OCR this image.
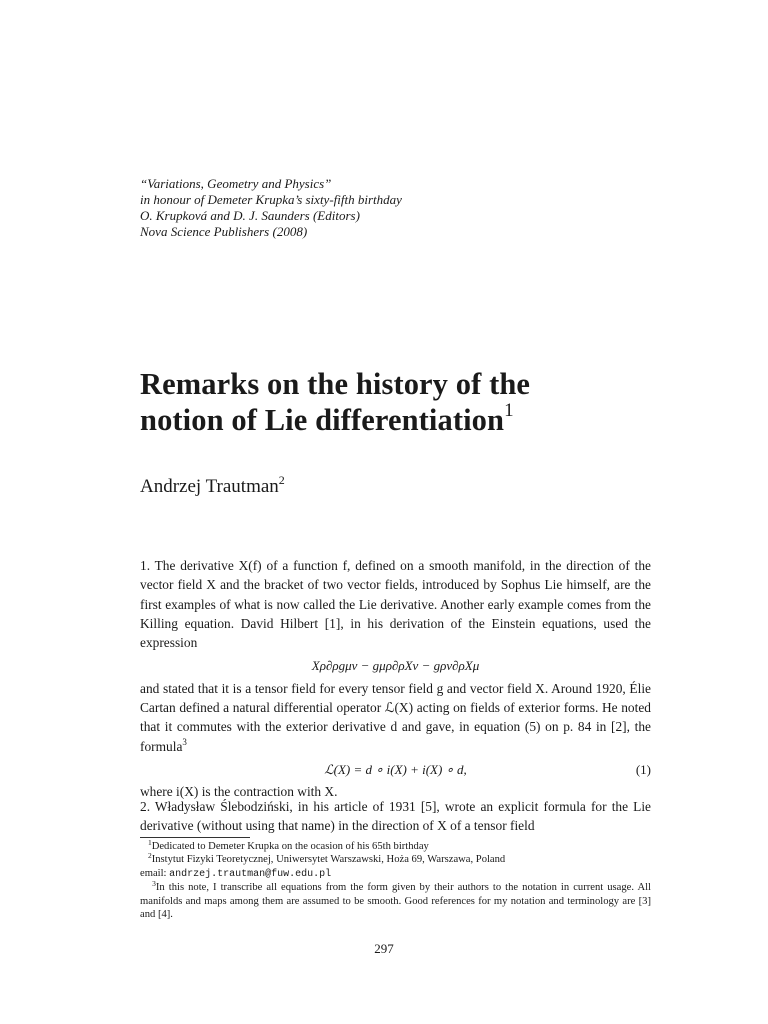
“Variations, Geometry and Physics”
in honour of Demeter Krupka’s sixty-fifth birthday
O. Krupková and D. J. Saunders (Editors)
Nova Science Publishers (2008)
Remarks on the history of the
notion of Lie differentiation$^1$
Andrzej Trautman$^2$

1. The derivative X(f) of a function f, defined on a smooth manifold, in the direction of the vector field X and the bracket of two vector fields, introduced by Sophus Lie himself, are the first examples of what is now called the Lie derivative. Another early example comes from the Killing equation. David Hilbert [1], in his derivation of the Einstein equations, used the expression

Xρ∂ρgμν − gμρ∂ρXν − gρν∂ρXμ

and stated that it is a tensor field for every tensor field g and vector field X. Around 1920, Élie Cartan defined a natural differential operator ℒ(X) acting on fields of exterior forms. He noted that it commutes with the exterior derivative d and gave, in equation (5) on p. 84 in [2], the formula$^3$

ℒ(X) = d ∘ i(X) + i(X) ∘ d,	(1)

where i(X) is the contraction with X.

2. Władysław Ślebodziński, in his article of 1931 [5], wrote an explicit formula for the Lie derivative (without using that name) in the direction of X of a tensor field

$^1$Dedicated to Demeter Krupka on the ocasion of his 65th birthday

$^2$Instytut Fizyki Teoretycznej, Uniwersytet Warszawski, Hoża 69, Warszawa, Poland

email: andrzej.trautman@fuw.edu.pl

$^3$In this note, I transcribe all equations from the form given by their authors to the notation in current usage. All manifolds and maps among them are assumed to be smooth. Good references for my notation and terminology are [3] and [4].

297
